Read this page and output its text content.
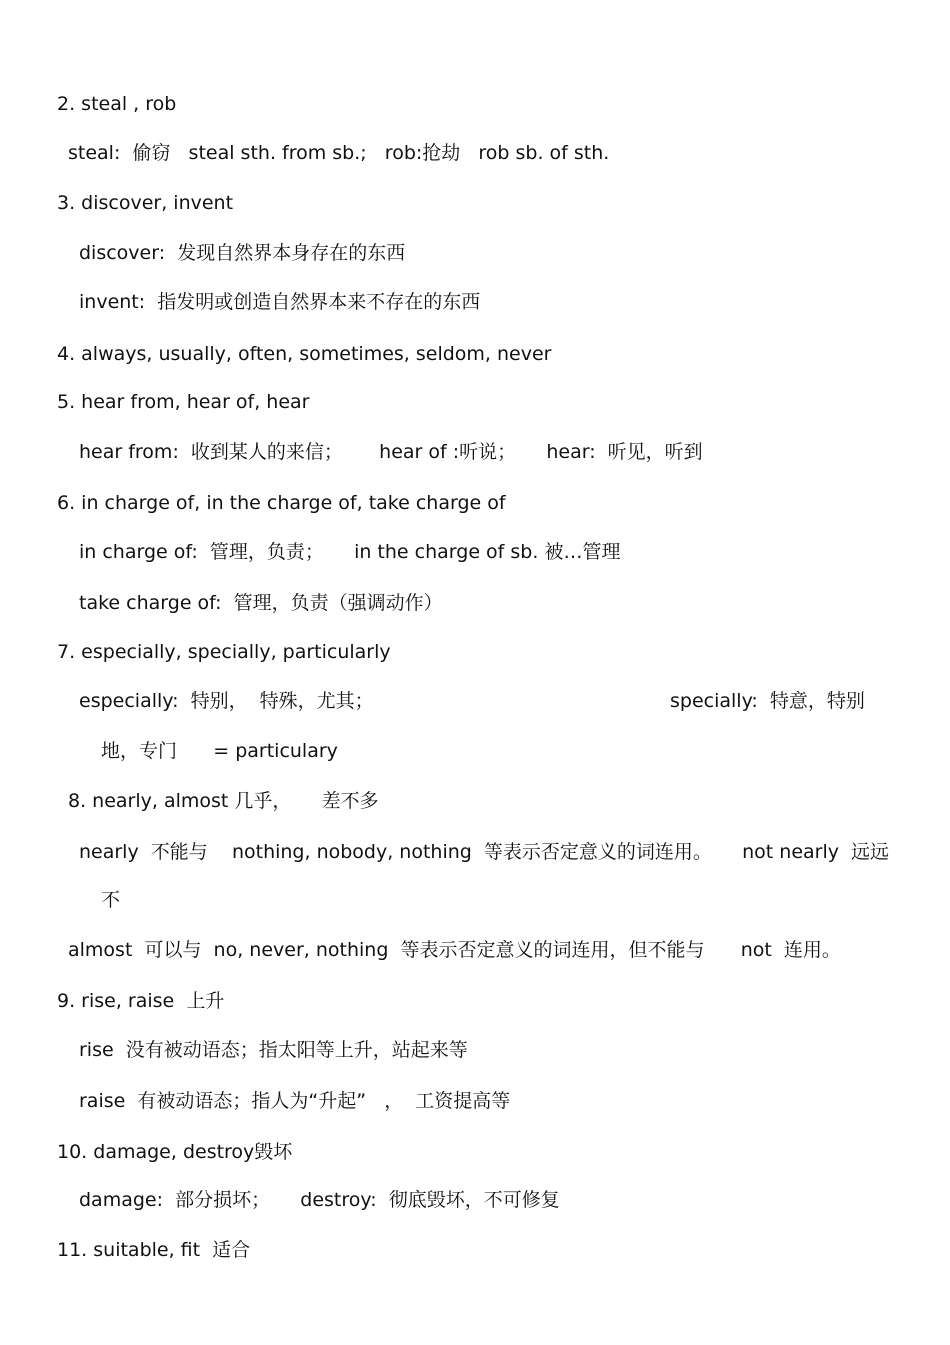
2. steal , rob
steal:  偷窃   steal sth. from sb.;   rob:抢劫   rob sb. of sth.
3. discover, invent
discover:  发现自然界本身存在的东西
invent:  指发明或创造自然界本来不存在的东西
4. always, usually, often, sometimes, seldom, never
5. hear from, hear of, hear
hear from:  收到某人的来信；      hear of :听说；     hear:  听见，听到
6. in charge of, in the charge of, take charge of
in charge of:  管理，负责；     in the charge of sb. 被…管理
take charge of:  管理，负责（强调动作）
7. especially, specially, particularly
especially:  特别，  特殊，尤其；	specially:  特意，特别
地，专门      = particulary
8. nearly, almost 几乎，     差不多
nearly  不能与    nothing, nobody, nothing  等表示否定意义的词连用。     not nearly  远远
不
almost  可以与  no, never, nothing  等表示否定意义的词连用，但不能与      not  连用。
9. rise, raise  上升
rise  没有被动语态；指太阳等上升，站起来等
raise  有被动语态；指人为“升起”   ，  工资提高等
10. damage, destroy毁坏
damage:  部分损坏；     destroy:  彻底毁坏，不可修复
11. suitable, fit  适合
